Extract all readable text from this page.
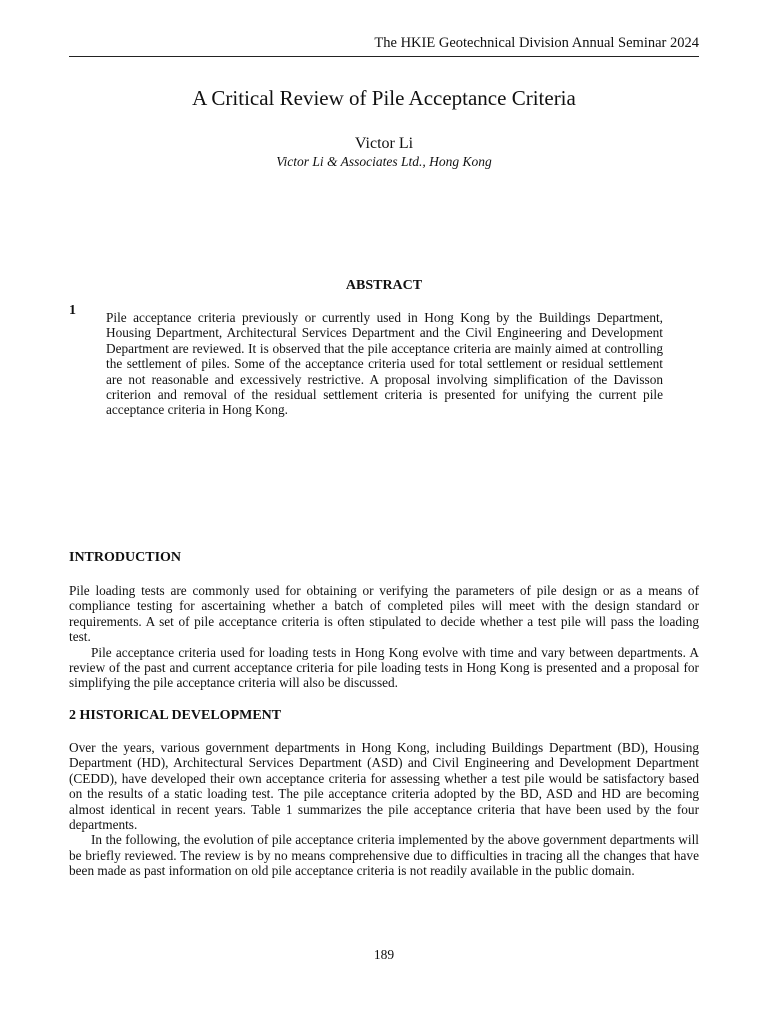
The HKIE Geotechnical Division Annual Seminar 2024
A Critical Review of Pile Acceptance Criteria
Victor Li
Victor Li & Associates Ltd., Hong Kong
ABSTRACT
1 Pile acceptance criteria previously or currently used in Hong Kong by the Buildings Department, Housing Department, Architectural Services Department and the Civil Engineering and Development Department are reviewed. It is observed that the pile acceptance criteria are mainly aimed at controlling the settlement of piles. Some of the acceptance criteria used for total settlement or residual settlement are not reasonable and excessively restrictive. A proposal involving simplification of the Davisson criterion and removal of the residual settlement criteria is presented for unifying the current pile acceptance criteria in Hong Kong.
INTRODUCTION

Pile loading tests are commonly used for obtaining or verifying the parameters of pile design or as a means of compliance testing for ascertaining whether a batch of completed piles will meet with the design standard or requirements. A set of pile acceptance criteria is often stipulated to decide whether a test pile will pass the loading test.

Pile acceptance criteria used for loading tests in Hong Kong evolve with time and vary between departments. A review of the past and current acceptance criteria for pile loading tests in Hong Kong is presented and a proposal for simplifying the pile acceptance criteria will also be discussed.

2 HISTORICAL DEVELOPMENT

Over the years, various government departments in Hong Kong, including Buildings Department (BD), Housing Department (HD), Architectural Services Department (ASD) and Civil Engineering and Development Department (CEDD), have developed their own acceptance criteria for assessing whether a test pile would be satisfactory based on the results of a static loading test. The pile acceptance criteria adopted by the BD, ASD and HD are becoming almost identical in recent years. Table 1 summarizes the pile acceptance criteria that have been used by the four departments.

In the following, the evolution of pile acceptance criteria implemented by the above government departments will be briefly reviewed. The review is by no means comprehensive due to difficulties in tracing all the changes that have been made as past information on old pile acceptance criteria is not readily available in the public domain.

189
